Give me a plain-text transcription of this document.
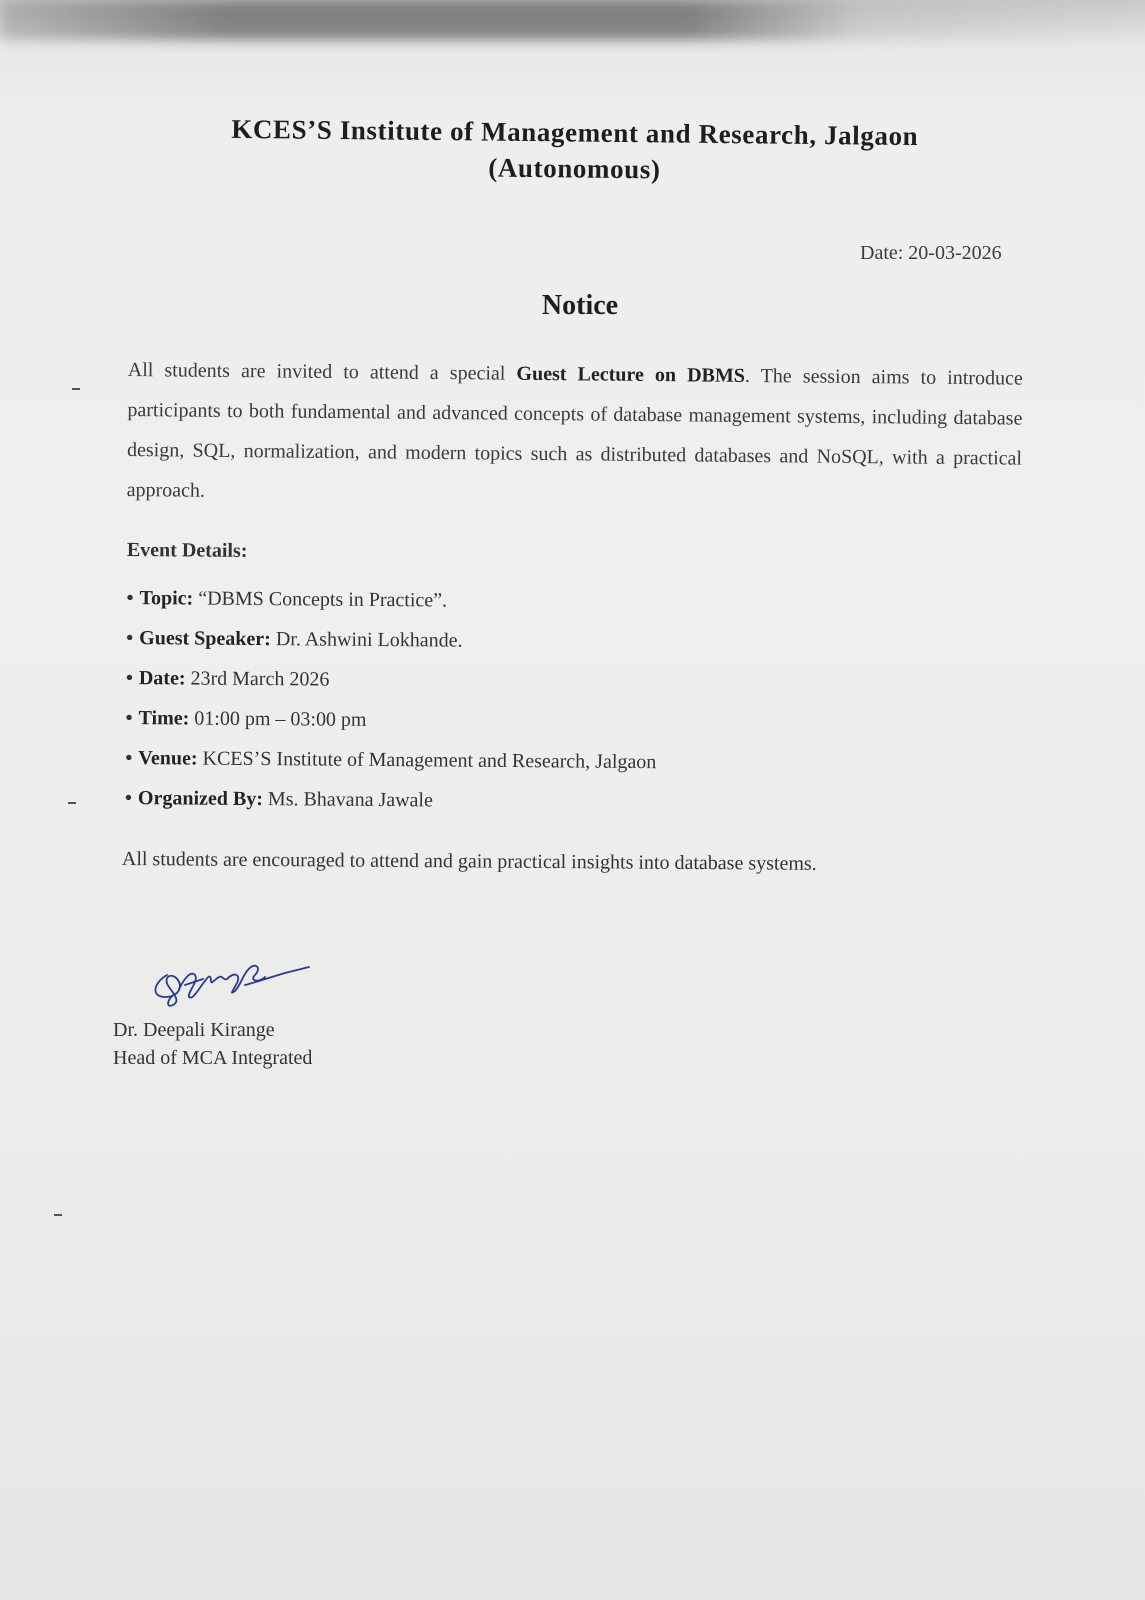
KCES’S Institute of Management and Research, Jalgaon
(Autonomous)
Date: 20-03-2026
Notice
All students are invited to attend a special Guest Lecture on DBMS. The session aims to introduce participants to both fundamental and advanced concepts of database management systems, including database design, SQL, normalization, and modern topics such as distributed databases and NoSQL, with a practical approach.
Event Details:
• Topic: “DBMS Concepts in Practice”.
• Guest Speaker: Dr. Ashwini Lokhande.
• Date: 23rd March 2026
• Time: 01:00 pm – 03:00 pm
• Venue: KCES’S Institute of Management and Research, Jalgaon
• Organized By: Ms. Bhavana Jawale
All students are encouraged to attend and gain practical insights into database systems.
Dr. Deepali Kirange
Head of MCA Integrated
